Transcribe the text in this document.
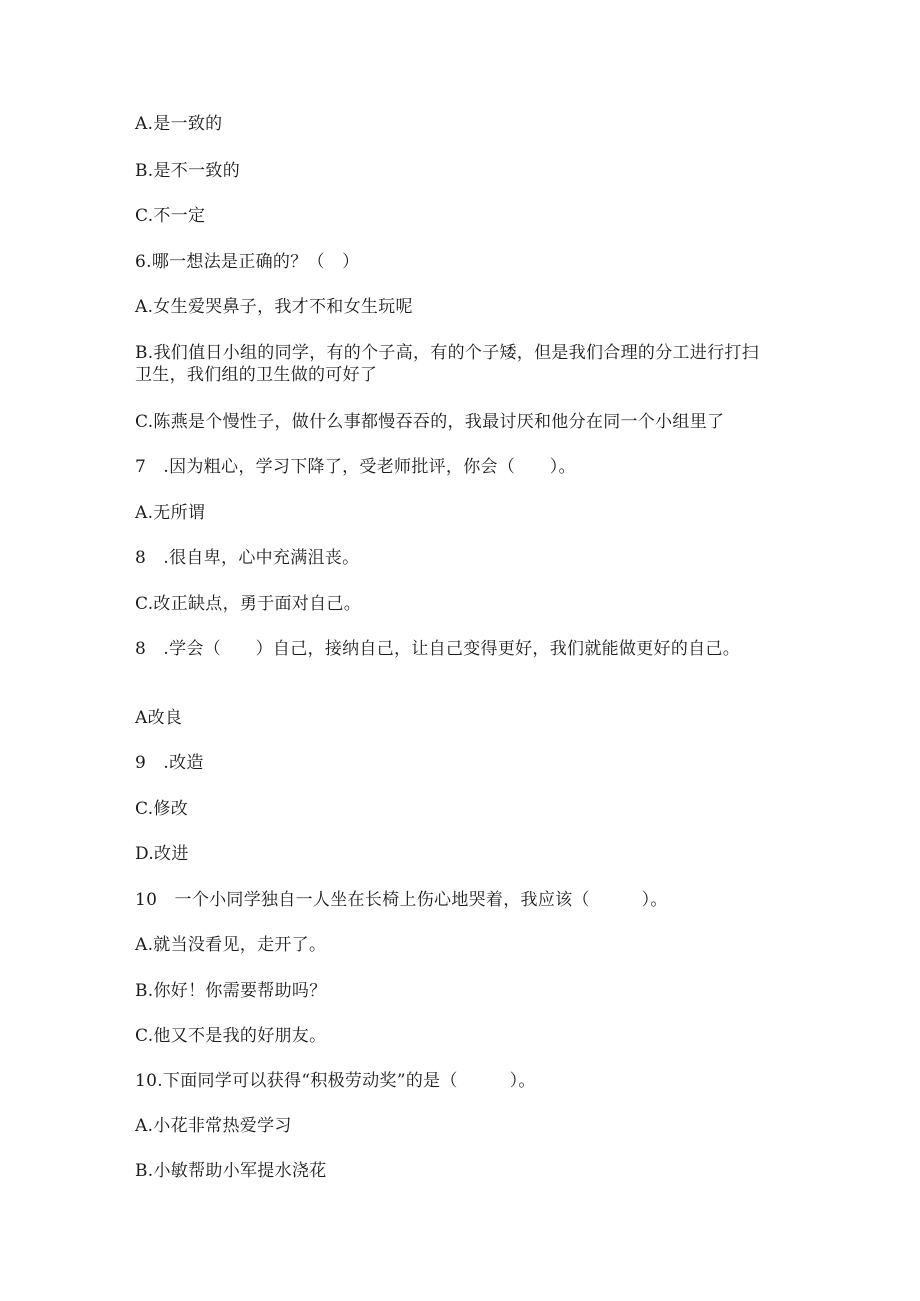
A.是一致的
B.是不一致的
C.不一定
6.哪一想法是正确的？（　）
A.女生爱哭鼻子，我才不和女生玩呢
B.我们值日小组的同学，有的个子高，有的个子矮，但是我们合理的分工进行打扫卫生，我们组的卫生做的可好了
C.陈燕是个慢性子，做什么事都慢吞吞的，我最讨厌和他分在同一个小组里了
7　.因为粗心，学习下降了，受老师批评，你会（　　）。
A.无所谓
8　.很自卑，心中充满沮丧。
C.改正缺点，勇于面对自己。
8　.学会（　　）自己，接纳自己，让自己变得更好，我们就能做更好的自己。
A改良
9　.改造
C.修改
D.改进
10　一个小同学独自一人坐在长椅上伤心地哭着，我应该（　　　）。
A.就当没看见，走开了。
B.你好！你需要帮助吗？
C.他又不是我的好朋友。
10.下面同学可以获得“积极劳动奖”的是（　　　）。
A.小花非常热爱学习
B.小敏帮助小军提水浇花
